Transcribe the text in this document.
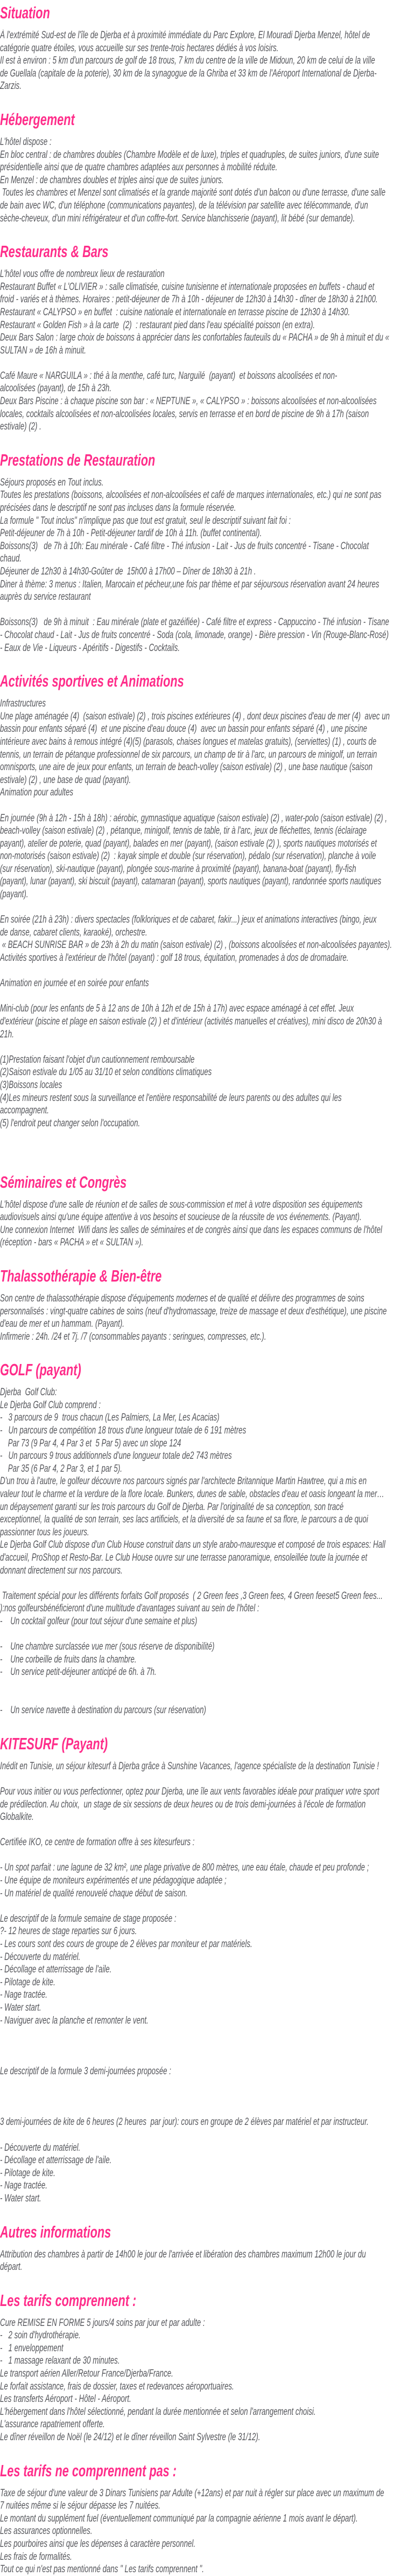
Situation
À l'extrémité Sud-est de l'île de Djerba et à proximité immédiate du Parc Explore, El Mouradi Djerba Menzel, hôtel de
catégorie quatre étoiles, vous accueille sur ses trente-trois hectares dédiés à vos loisirs.
Il est à environ : 5 km d'un parcours de golf de 18 trous, 7 km du centre de la ville de Midoun, 20 km de celui de la ville
de Guellala (capitale de la poterie), 30 km de la synagogue de la Ghriba et 33 km de l'Aéroport International de Djerba-
Zarzis.
Hébergement
L'hôtel dispose :
En bloc central : de chambres doubles (Chambre Modèle et de luxe), triples et quadruples, de suites juniors, d'une suite
présidentielle ainsi que de quatre chambres adaptées aux personnes à mobilité réduite.
En Menzel : de chambres doubles et triples ainsi que de suites juniors.
Toutes les chambres et Menzel sont climatisés et la grande majorité sont dotés d'un balcon ou d'une terrasse, d'une salle
de bain avec WC, d'un téléphone (communications payantes), de la télévision par satellite avec télécommande, d'un
sèche-cheveux, d'un mini réfrigérateur et d'un coffre-fort. Service blanchisserie (payant), lit bébé (sur demande).
Restaurants & Bars
L'hôtel vous offre de nombreux lieux de restauration
Restaurant Buffet « L'OLIVIER » : salle climatisée, cuisine tunisienne et internationale proposées en buffets - chaud et
froid - variés et à thèmes. Horaires : petit-déjeuner de 7h à 10h - déjeuner de 12h30 à 14h30 - dîner de 18h30 à 21h00.
Restaurant « CALYPSO » en buffet  : cuisine nationale et internationale en terrasse piscine de 12h30 à 14h30.
Restaurant « Golden Fish » à la carte  (2)  : restaurant pied dans l'eau spécialité poisson (en extra).
Deux Bars Salon : large choix de boissons à apprécier dans les confortables fauteuils du « PACHA » de 9h à minuit et du «
SULTAN » de 16h à minuit.

Café Maure « NARGUILA » : thé à la menthe, café turc, Narguilé  (payant)  et boissons alcoolisées et non-
alcoolisées (payant), de 15h à 23h.
Deux Bars Piscine : à chaque piscine son bar : « NEPTUNE », « CALYPSO » : boissons alcoolisées et non-alcoolisées
locales, cocktails alcoolisées et non-alcoolisées locales, servis en terrasse et en bord de piscine de 9h à 17h (saison
estivale) (2) .
Prestations de Restauration
Séjours proposés en Tout inclus.
Toutes les prestations (boissons, alcoolisées et non-alcoolisées et café de marques internationales, etc.) qui ne sont pas
précisées dans le descriptif ne sont pas incluses dans la formule réservée.
La formule " Tout inclus" n'implique pas que tout est gratuit, seul le descriptif suivant fait foi :
Petit-déjeuner de 7h à 10h - Petit-déjeuner tardif de 10h à 11h. (buffet continental).
Boissons(3)   de 7h à 10h: Eau minérale - Café filtre - Thé infusion - Lait - Jus de fruits concentré - Tisane - Chocolat
chaud.
Déjeuner de 12h30 à 14h30-Goûter de  15h00 à 17h00 – Dîner de 18h30 à 21h .
Diner à thème: 3 menus : Italien, Marocain et pécheur,une fois par thème et par séjoursous réservation avant 24 heures
auprès du service restaurant

Boissons(3)   de 9h à minuit  : Eau minérale (plate et gazéifiée) - Café filtre et express - Cappuccino - Thé infusion - Tisane
- Chocolat chaud - Lait - Jus de fruits concentré - Soda (cola, limonade, orange) - Bière pression - Vin (Rouge-Blanc-Rosé)
- Eaux de Vie - Liqueurs - Apéritifs - Digestifs - Cocktails.
Activités sportives et Animations
Infrastructures
Une plage aménagée (4)  (saison estivale) (2) , trois piscines extérieures (4) , dont deux piscines d'eau de mer (4)  avec un
bassin pour enfants séparé (4)  et une piscine d'eau douce (4)  avec un bassin pour enfants séparé (4) , une piscine
intérieure avec bains à remous intégré (4)(5) (parasols, chaises longues et matelas gratuits), (serviettes) (1) , courts de
tennis, un terrain de pétanque professionnel de six parcours, un champ de tir à l'arc, un parcours de minigolf, un terrain
omnisports, une aire de jeux pour enfants, un terrain de beach-volley (saison estivale) (2) , une base nautique (saison
estivale) (2) , une base de quad (payant).
Animation pour adultes

En journée (9h à 12h - 15h à 18h) : aérobic, gymnastique aquatique (saison estivale) (2) , water-polo (saison estivale) (2) ,
beach-volley (saison estivale) (2) , pétanque, minigolf, tennis de table, tir à l'arc, jeux de fléchettes, tennis (éclairage
payant), atelier de poterie, quad (payant), balades en mer (payant), (saison estivale (2) ), sports nautiques motorisés et
non-motorisés (saison estivale) (2)  : kayak simple et double (sur réservation), pédalo (sur réservation), planche à voile
(sur réservation), ski-nautique (payant), plongée sous-marine à proximité (payant), banana-boat (payant), fly-fish
(payant), lunar (payant), ski biscuit (payant), catamaran (payant), sports nautiques (payant), randonnée sports nautiques
(payant).

En soirée (21h à 23h) : divers spectacles (folkloriques et de cabaret, fakir...) jeux et animations interactives (bingo, jeux
de danse, cabaret clients, karaoké), orchestre.
« BEACH SUNRISE BAR » de 23h à 2h du matin (saison estivale) (2) , (boissons alcoolisées et non-alcoolisées payantes).
Activités sportives à l'extérieur de l'hôtel (payant) : golf 18 trous, équitation, promenades à dos de dromadaire.

Animation en journée et en soirée pour enfants

Mini-club (pour les enfants de 5 à 12 ans de 10h à 12h et de 15h à 17h) avec espace aménagé à cet effet. Jeux
d'extérieur (piscine et plage en saison estivale (2) ) et d'intérieur (activités manuelles et créatives), mini disco de 20h30 à
21h.

(1)Prestation faisant l'objet d'un cautionnement remboursable
(2)Saison estivale du 1/05 au 31/10 et selon conditions climatiques
(3)Boissons locales
(4)Les mineurs restent sous la surveillance et l'entière responsabilité de leurs parents ou des adultes qui les
accompagnent.
(5) l'endroit peut changer selon l'occupation.

Séminaires et Congrès
L'hôtel dispose d'une salle de réunion et de salles de sous-commission et met à votre disposition ses équipements
audiovisuels ainsi qu'une équipe attentive à vos besoins et soucieuse de la réussite de vos événements. (Payant).
Une connexion Internet  Wifi dans les salles de séminaires et de congrès ainsi que dans les espaces communs de l'hôtel
(réception - bars « PACHA » et « SULTAN »).
Thalassothérapie & Bien-être
Son centre de thalassothérapie dispose d'équipements modernes et de qualité et délivre des programmes de soins
personnalisés : vingt-quatre cabines de soins (neuf d'hydromassage, treize de massage et deux d'esthétique), une piscine
d'eau de mer et un hammam. (Payant).
Infirmerie : 24h. /24 et 7j. /7 (consommables payants : seringues, compresses, etc.).
GOLF (payant)
Djerba  Golf Club:
Le Djerba Golf Club comprend :
-   3 parcours de 9  trous chacun (Les Palmiers, La Mer, Les Acacias)
-   Un parcours de compétition 18 trous d'une longueur totale de 6 191 mètres
Par 73 (9 Par 4, 4 Par 3 et  5 Par 5) avec un slope 124
-   Un parcours 9 trous additionnels d'une longueur totale de2 743 mètres
Par 35 (6 Par 4, 2 Par 3, et 1 par 5).
D'un trou à l'autre, le golfeur découvre nos parcours signés par l'architecte Britannique Martin Hawtree, qui a mis en
valeur tout le charme et la verdure de la flore locale. Bunkers, dunes de sable, obstacles d'eau et oasis longeant la mer…
un dépaysement garanti sur les trois parcours du Golf de Djerba. Par l'originalité de sa conception, son tracé
exceptionnel, la qualité de son terrain, ses lacs artificiels, et la diversité de sa faune et sa flore, le parcours a de quoi
passionner tous les joueurs.
Le Djerba Golf Club dispose d'un Club House construit dans un style arabo-mauresque et composé de trois espaces: Hall
d'accueil, ProShop et Resto-Bar. Le Club House ouvre sur une terrasse panoramique, ensoleillée toute la journée et
donnant directement sur nos parcours.

Traitement spécial pour les différents forfaits Golf proposés  ( 2 Green fees ,3 Green fees, 4 Green feeset5 Green fees...
):nos golfeursbénéficieront d'une multitude d'avantages suivant au sein de l'hôtel :
-    Un cocktail golfeur (pour tout séjour d'une semaine et plus)

-    Une chambre surclassée vue mer (sous réserve de disponibilité)
-    Une corbeille de fruits dans la chambre.
-    Un service petit-déjeuner anticipé de 6h. à 7h.

-    Un service navette à destination du parcours (sur réservation)
KITESURF (Payant)
Inédit en Tunisie, un séjour kitesurf à Djerba grâce à Sunshine Vacances, l'agence spécialiste de la destination Tunisie !

Pour vous initier ou vous perfectionner, optez pour Djerba, une île aux vents favorables idéale pour pratiquer votre sport
de prédilection. Au choix,  un stage de six sessions de deux heures ou de trois demi-journées à l'école de formation
Globalkite.

Certifiée IKO, ce centre de formation offre à ses kitesurfeurs :

- Un spot parfait : une lagune de 32 km², une plage privative de 800 mètres, une eau étale, chaude et peu profonde ;
- Une équipe de moniteurs expérimentés et une pédagogique adaptée ;
- Un matériel de qualité renouvelé chaque début de saison.

Le descriptif de la formule semaine de stage proposée :
?- 12 heures de stage reparties sur 6 jours.
- Les cours sont des cours de groupe de 2 élèves par moniteur et par matériels.
- Découverte du matériel.
- Décollage et atterrissage de l'aile.
- Pilotage de kite.
- Nage tractée.
- Water start.
- Naviguer avec la planche et remonter le vent.

Le descriptif de la formule 3 demi-journées proposée :

3 demi-journées de kite de 6 heures (2 heures  par jour): cours en groupe de 2 élèves par matériel et par instructeur.

- Découverte du matériel.
- Décollage et atterrissage de l'aile.
- Pilotage de kite.
- Nage tractée.
- Water start.
Autres informations
Attribution des chambres à partir de 14h00 le jour de l'arrivée et libération des chambres maximum 12h00 le jour du
départ.
Les tarifs comprennent :
Cure REMISE EN FORME 5 jours/4 soins par jour et par adulte :
-   2 soin d'hydrothérapie.
-   1 enveloppement
-   1 massage relaxant de 30 minutes.
Le transport aérien Aller/Retour France/Djerba/France.
Le forfait assistance, frais de dossier, taxes et redevances aéroportuaires.
Les transferts Aéroport - Hôtel - Aéroport.
L'hébergement dans l'hôtel sélectionné, pendant la durée mentionnée et selon l'arrangement choisi.
L'assurance rapatriement offerte.
Le dîner réveillon de Noël (le 24/12) et le dîner réveillon Saint Sylvestre (le 31/12).
Les tarifs ne comprennent pas :
Taxe de séjour d'une valeur de 3 Dinars Tunisiens par Adulte (+12ans) et par nuit à régler sur place avec un maximum de
7 nuitées même si le séjour dépasse les 7 nuitées.
Le montant du supplément fuel (éventuellement communiqué par la compagnie aérienne 1 mois avant le départ).
Les assurances optionnelles.
Les pourboires ainsi que les dépenses à caractère personnel.
Les frais de formalités.
Tout ce qui n'est pas mentionné dans " Les tarifs comprennent ".
